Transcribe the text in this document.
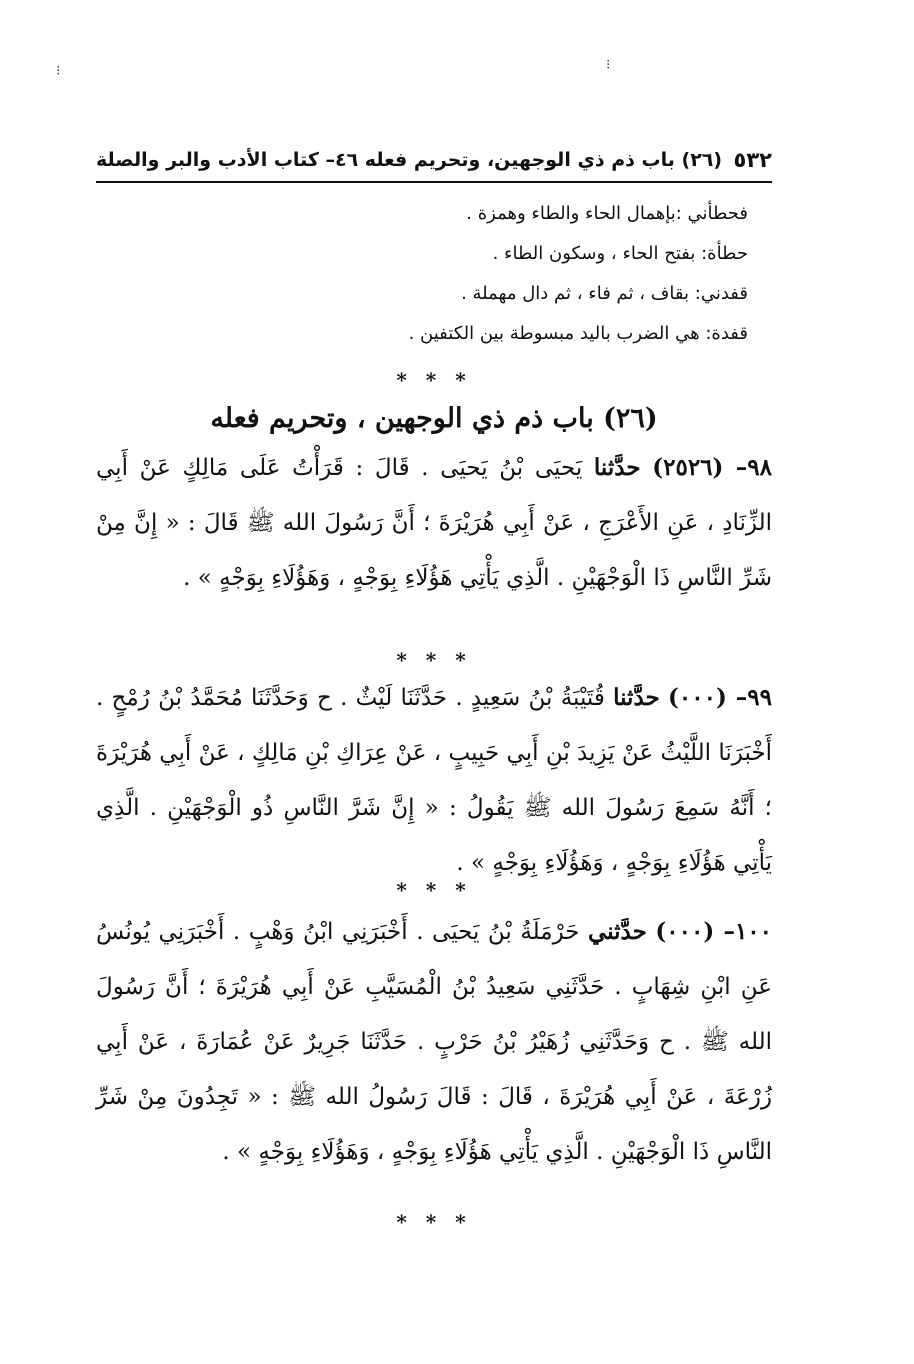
⁝	⁝
٥٣٢
(٢٦) باب ذم ذي الوجهين، وتحريم فعله ٤٦– كتاب الأدب والبر والصلة
فحطأني :بإهمال الحاء والطاء وهمزة .
حطأة: بفتح الحاء ، وسكون الطاء .
قفدني: بقاف ، ثم فاء ، ثم دال مهملة .
قفدة: هي الضرب باليد مبسوطة بين الكتفين .
* * *
(٢٦) باب ذم ذي الوجهين ، وتحريم فعله
٩٨– (٢٥٢٦) حدَّثنا يَحيَى بْنُ يَحيَى . قَالَ : قَرَأْتُ عَلَى مَالِكٍ عَنْ أَبِي الزِّنَادِ ، عَنِ الأَعْرَجِ ، عَنْ أَبِي هُرَيْرَةَ ؛ أَنَّ رَسُولَ الله ﷺ قَالَ : « إِنَّ مِنْ شَرِّ النَّاسِ ذَا الْوَجْهَيْنِ . الَّذِي يَأْتِي هَؤُلَاءِ بِوَجْهٍ ، وَهَؤُلَاءِ بِوَجْهٍ » .
* * *
٩٩– (٠٠٠) حدَّثنا قُتَيْبَةُ بْنُ سَعِيدٍ . حَدَّثَنَا لَيْثٌ . ح وَحَدَّثَنَا مُحَمَّدُ بْنُ رُمْحٍ . أَخْبَرَنَا اللَّيْثُ عَنْ يَزِيدَ بْنِ أَبِي حَبِيبٍ ، عَنْ عِرَاكِ بْنِ مَالِكٍ ، عَنْ أَبِي هُرَيْرَةَ ؛ أَنَّهُ سَمِعَ رَسُولَ الله ﷺ يَقُولُ : « إِنَّ شَرَّ النَّاسِ ذُو الْوَجْهَيْنِ . الَّذِي يَأْتِي هَؤُلَاءِ بِوَجْهٍ ، وَهَؤُلَاءِ بِوَجْهٍ » .
* * *
١٠٠– (٠٠٠) حدَّثني حَرْمَلَةُ بْنُ يَحيَى . أَخْبَرَنِي ابْنُ وَهْبٍ . أَخْبَرَنِي يُونُسُ عَنِ ابْنِ شِهَابٍ . حَدَّثَنِي سَعِيدُ بْنُ الْمُسَيَّبِ عَنْ أَبِي هُرَيْرَةَ ؛ أَنَّ رَسُولَ الله ﷺ . ح وَحَدَّثَنِي زُهَيْرُ بْنُ حَرْبٍ . حَدَّثَنَا جَرِيرٌ عَنْ عُمَارَةَ ، عَنْ أَبِي زُرْعَةَ ، عَنْ أَبِي هُرَيْرَةَ ، قَالَ : قَالَ رَسُولُ الله ﷺ : « تَجِدُونَ مِنْ شَرِّ النَّاسِ ذَا الْوَجْهَيْنِ . الَّذِي يَأْتِي هَؤُلَاءِ بِوَجْهٍ ، وَهَؤُلَاءِ بِوَجْهٍ » .
* * *
